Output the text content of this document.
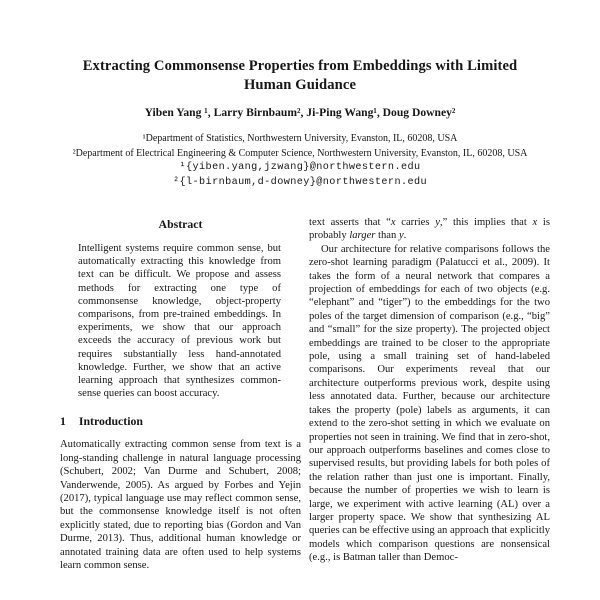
Extracting Commonsense Properties from Embeddings with Limited Human Guidance
Yiben Yang ¹, Larry Birnbaum², Ji-Ping Wang¹, Doug Downey²
¹Department of Statistics, Northwestern University, Evanston, IL, 60208, USA
²Department of Electrical Engineering & Computer Science, Northwestern University, Evanston, IL, 60208, USA
¹{yiben.yang,jzwang}@northwestern.edu
²{l-birnbaum,d-downey}@northwestern.edu
Abstract

Intelligent systems require common sense, but automatically extracting this knowledge from text can be difficult. We propose and assess methods for extracting one type of commonsense knowledge, object-property comparisons, from pre-trained embeddings. In experiments, we show that our approach exceeds the accuracy of previous work but requires substantially less hand-annotated knowledge. Further, we show that an active learning approach that synthesizes common-sense queries can boost accuracy.

1 Introduction

Automatically extracting common sense from text is a long-standing challenge in natural language processing (Schubert, 2002; Van Durme and Schubert, 2008; Vanderwende, 2005). As argued by Forbes and Yejin (2017), typical language use may reflect common sense, but the commonsense knowledge itself is not often explicitly stated, due to reporting bias (Gordon and Van Durme, 2013). Thus, additional human knowledge or annotated training data are often used to help systems learn common sense.

text asserts that “x carries y,” this implies that x is probably larger than y.

Our architecture for relative comparisons follows the zero-shot learning paradigm (Palatucci et al., 2009). It takes the form of a neural network that compares a projection of embeddings for each of two objects (e.g. “elephant” and “tiger”) to the embeddings for the two poles of the target dimension of comparison (e.g., “big” and “small” for the size property). The projected object embeddings are trained to be closer to the appropriate pole, using a small training set of hand-labeled comparisons. Our experiments reveal that our architecture outperforms previous work, despite using less annotated data. Further, because our architecture takes the property (pole) labels as arguments, it can extend to the zero-shot setting in which we evaluate on properties not seen in training. We find that in zero-shot, our approach outperforms baselines and comes close to supervised results, but providing labels for both poles of the relation rather than just one is important. Finally, because the number of properties we wish to learn is large, we experiment with active learning (AL) over a larger property space. We show that synthesizing AL queries can be effective using an approach that explicitly models which comparison questions are nonsensical (e.g., is Batman taller than Democ-
